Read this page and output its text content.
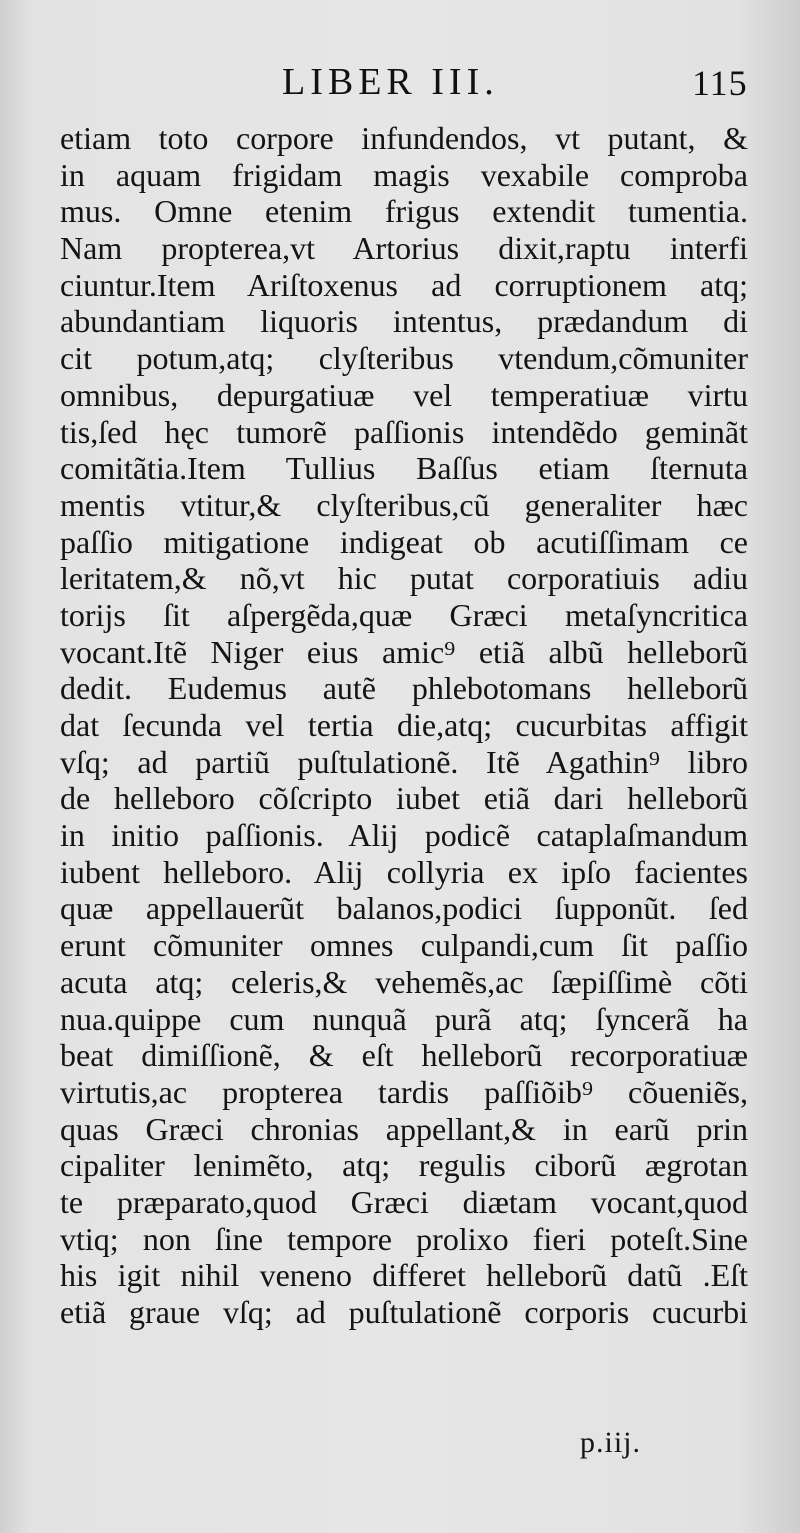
LIBER III.	115
etiam toto corpore infundendos, vt putant, &
in aquam frigidam magis vexabile comproba
mus. Omne etenim frigus extendit tumentia.
Nam propterea,vt Artorius dixit,raptu interfi
ciuntur.Item Ariſtoxenus ad corruptionem atq;
abundantiam liquoris intentus, prædandum di
cit potum,atq; clyſteribus vtendum,cõmuniter
omnibus, depurgatiuæ vel temperatiuæ virtu
tis,ſed hęc tumorẽ paſſionis intendẽdo geminãt
comitãtia.Item Tullius Baſſus etiam ſternuta
mentis vtitur,& clyſteribus,cũ generaliter hæc
paſſio mitigatione indigeat ob acutiſſimam ce
leritatem,& nõ,vt hic putat corporatiuis adiu
torijs ſit aſpergẽda,quæ Græci metaſyncritica
vocant.Itẽ Niger eius amic⁹ etiã albũ helleborũ
dedit. Eudemus autẽ phlebotomans helleborũ
dat ſecunda vel tertia die,atq; cucurbitas affigit
vſq; ad partiũ puſtulationẽ. Itẽ Agathin⁹ libro
de helleboro cõſcripto iubet etiã dari helleborũ
in initio paſſionis. Alij podicẽ cataplaſmandum
iubent helleboro. Alij collyria ex ipſo facientes
quæ appellauerũt balanos,podici ſupponũt. ſed
erunt cõmuniter omnes culpandi,cum ſit paſſio
acuta atq; celeris,& vehemẽs,ac ſæpiſſimè cõti
nua.quippe cum nunquã purã atq; ſyncerã ha
beat dimiſſionẽ, & eſt helleborũ recorporatiuæ
virtutis,ac propterea tardis paſſiõib⁹ cõueniẽs,
quas Græci chronias appellant,& in earũ prin
cipaliter lenimẽto, atq; regulis ciborũ ægrotan
te præparato,quod Græci diætam vocant,quod
vtiq; non ſine tempore prolixo fieri poteſt.Sine
his igit nihil veneno differet helleborũ datũ .Eſt
etiã graue vſq; ad puſtulationẽ corporis cucurbi
p.iij.
